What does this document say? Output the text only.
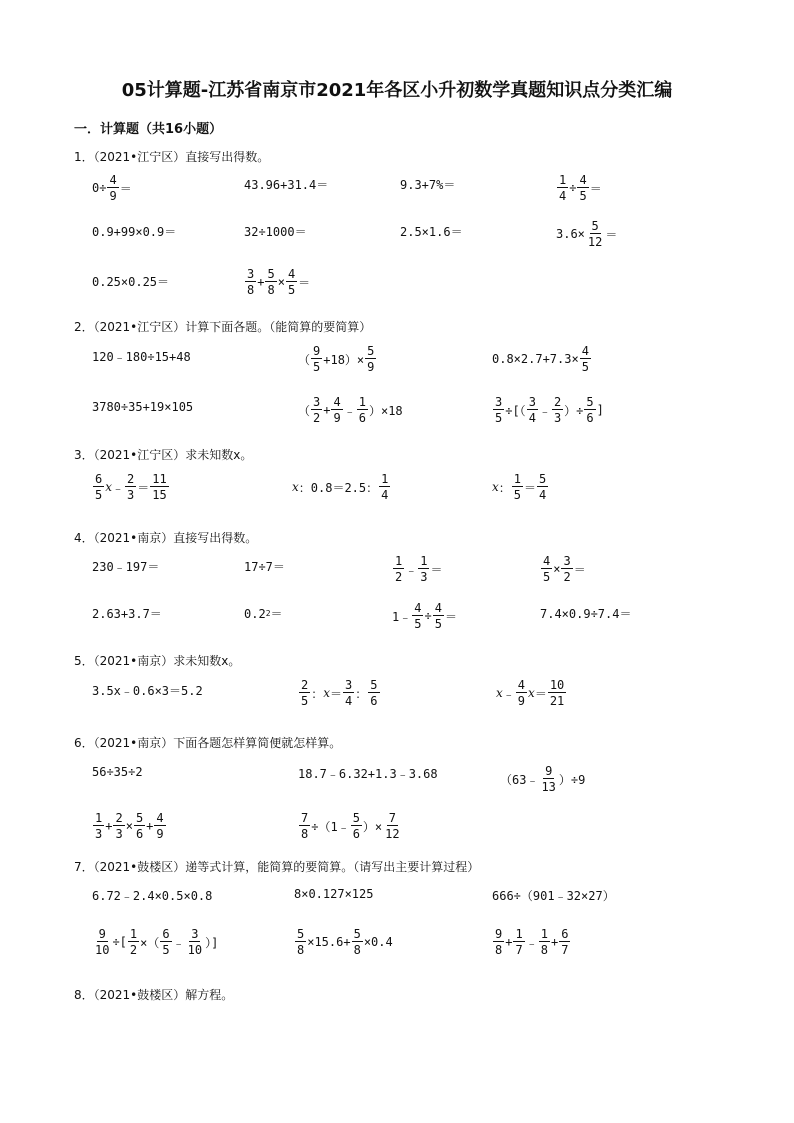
05计算题-江苏省南京市2021年各区小升初数学真题知识点分类汇编
一．计算题（共16小题）
1．（2021•江宁区）直接写出得数。
$0\div \frac{4}{9}$ ＝	43.96+31.4＝	9.3+7%＝	$\frac{1}{4} \div \frac{4}{5}$ ＝
0.9+99×0.9＝	32÷1000＝	2.5×1.6＝	$3.6\times \frac{5}{12}$ ＝
0.25×0.25＝	$\frac{3}{8} + \frac{5}{8} \times \frac{4}{5}$ ＝
2．（2021•江宁区）计算下面各题。（能简算的要简算）
120﹣180÷15+48	（ $\frac{9}{5} +18)\times \frac{5}{9}$	$0.8\times 2.7+7.3\times \frac{4}{5}$
3780÷35+19×105	（ $\frac{3}{2} + \frac{4}{9}$ ﹣ $\frac{1}{6} )\times 18$	$\frac{3}{5}$ ÷[（ $\frac{3}{4}$ ﹣ $\frac{2}{3}$ ）÷ $\frac{5}{6}$ ]
3．（2021•江宁区）求未知数x。
$\frac{6}{5}$ x ﹣ $\frac{2}{3} = \frac{11}{15}$	x ：0.8＝2.5： $\frac{1}{4}$	x ： $\frac{1}{5} = \frac{5}{4}$
4．（2021•南京）直接写出得数。
230﹣197＝	17÷7＝	$\frac{1}{2}$ ﹣ $\frac{1}{3}$ ＝	$\frac{4}{5} \times \frac{3}{2}$ ＝
2.63+3.7＝	0.2 2 ＝	1﹣ $\frac{4}{5} \div \frac{4}{5}$ ＝	7.4×0.9÷7.4＝
5．（2021•南京）求未知数x。
3.5x﹣0.6×3＝5.2	$\frac{2}{5}$ ： $x = \frac{3}{4}$ ： $\frac{5}{6}$	x ﹣ $\frac{4}{9}$ $x = \frac{10}{21}$
6．（2021•南京）下面各题怎样算简便就怎样算。
56÷35÷2	18.7﹣6.32+1.3﹣3.68	（63﹣ $\frac{9}{13} )\div 9$
$\frac{1}{3} + \frac{2}{3} \times \frac{5}{6} + \frac{4}{9}$	$\frac{7}{8}$ ÷（1﹣ $\frac{5}{6}$ ）× $\frac{7}{12}$
7．（2021•鼓楼区）递等式计算，能简算的要简算。（请写出主要计算过程）
6.72﹣2.4×0.5×0.8	8×0.127×125	666÷（901﹣32×27）
$\frac{9}{10}$ ÷[ $\frac{1}{2}$ ×（ $\frac{6}{5}$ ﹣ $\frac{3}{10}$ ）]	$\frac{5}{8} \times 15.6+ \frac{5}{8} \times 0.4$	$\frac{9}{8} + \frac{1}{7}$ ﹣ $\frac{1}{8} + \frac{6}{7}$
8．（2021•鼓楼区）解方程。
